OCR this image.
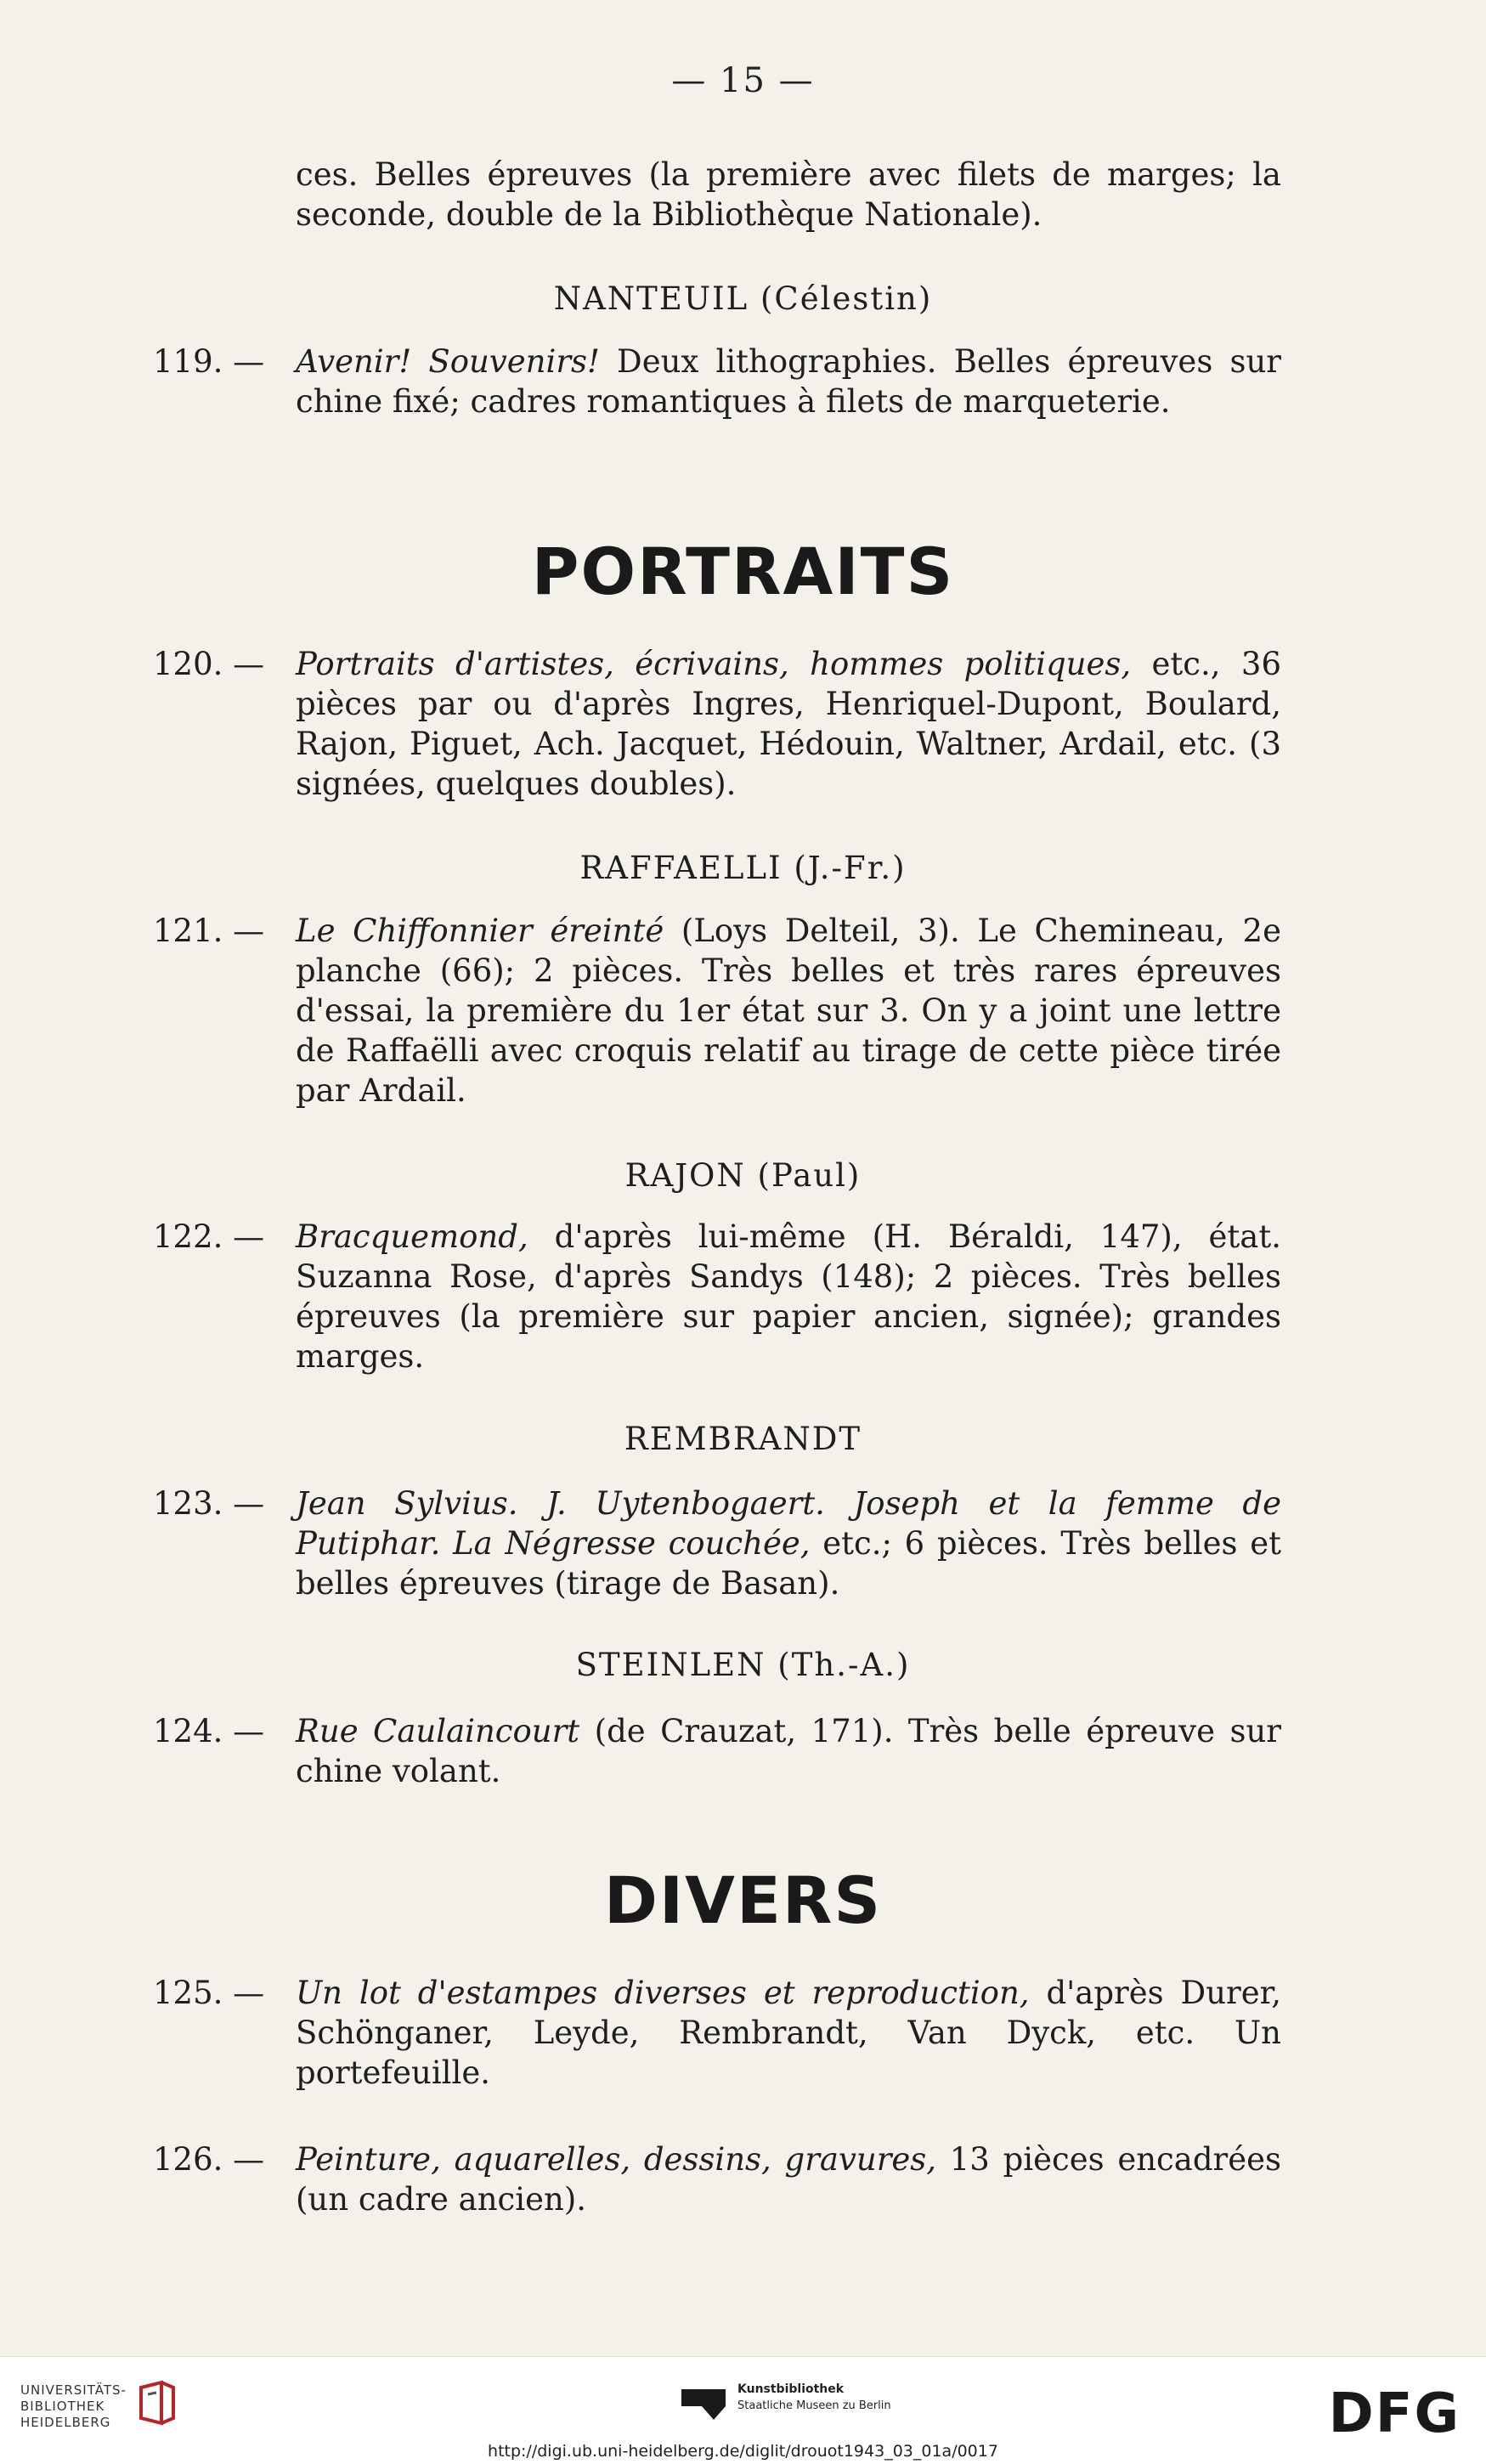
— 15 —
ces. Belles épreuves (la première avec filets de marges; la seconde, double de la Bibliothèque Nationale).
NANTEUIL (Célestin)
119. — Avenir! Souvenirs! Deux lithographies. Belles épreuves sur chine fixé; cadres romantiques à filets de marqueterie.
PORTRAITS
120. — Portraits d'artistes, écrivains, hommes politiques, etc., 36 pièces par ou d'après Ingres, Henriquel-Dupont, Boulard, Rajon, Piguet, Ach. Jacquet, Hédouin, Waltner, Ardail, etc. (3 signées, quelques doubles).
RAFFAELLI (J.-Fr.)
121. — Le Chiffonnier éreinté (Loys Delteil, 3). Le Chemineau, 2e planche (66); 2 pièces. Très belles et très rares épreuves d'essai, la première du 1er état sur 3. On y a joint une lettre de Raffaëlli avec croquis relatif au tirage de cette pièce tirée par Ardail.
RAJON (Paul)
122. — Bracquemond, d'après lui-même (H. Béraldi, 147), état. Suzanna Rose, d'après Sandys (148); 2 pièces. Très belles épreuves (la première sur papier ancien, signée); grandes marges.
REMBRANDT
123. — Jean Sylvius. J. Uytenbogaert. Joseph et la femme de Putiphar. La Négresse couchée, etc.; 6 pièces. Très belles et belles épreuves (tirage de Basan).
STEINLEN (Th.-A.)
124. — Rue Caulaincourt (de Crauzat, 171). Très belle épreuve sur chine volant.
DIVERS
125. — Un lot d'estampes diverses et reproduction, d'après Durer, Schönganer, Leyde, Rembrandt, Van Dyck, etc. Un portefeuille.
126. — Peinture, aquarelles, dessins, gravures, 13 pièces encadrées (un cadre ancien).
UNIVERSITÄTS-
BIBLIOTHEK
HEIDELBERG
Kunstbibliothek
Staatliche Museen zu Berlin	DFG
http://digi.ub.uni-heidelberg.de/diglit/drouot1943_03_01a/0017
